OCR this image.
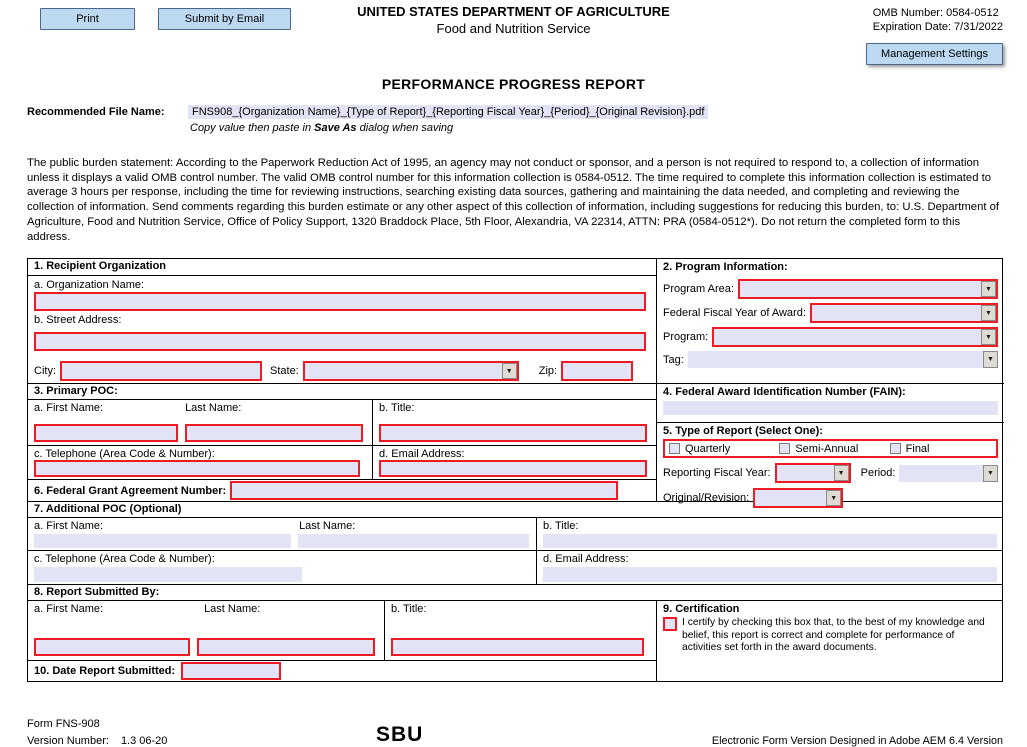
Print	Submit by Email	UNITED STATES DEPARTMENT OF AGRICULTURE
Food and Nutrition Service
OMB Number: 0584-0512
Expiration Date: 7/31/2022
PERFORMANCE PROGRESS REPORT
Management Settings
Recommended File Name:	FNS908_{Organization Name}_{Type of Report}_{Reporting Fiscal Year}_{Period}_{Original Revision}.pdf
Copy value then paste in Save As dialog when saving
The public burden statement: According to the Paperwork Reduction Act of 1995, an agency may not conduct or sponsor, and a person is not required to respond to, a collection of information unless it displays a valid OMB control number. The valid OMB control number for this information collection is 0584-0512. The time required to complete this information collection is estimated to average 3 hours per response, including the time for reviewing instructions, searching existing data sources, gathering and maintaining the data needed, and completing and reviewing the collection of information. Send comments regarding this burden estimate or any other aspect of this collection of information, including suggestions for reducing this burden, to: U.S. Department of Agriculture, Food and Nutrition Service, Office of Policy Support, 1320 Braddock Place, 5th Floor, Alexandria, VA 22314, ATTN: PRA (0584-0512*). Do not return the completed form to this address.
1. Recipient Organization
a. Organization Name:
b. Street Address:
City:	State:	▼	Zip:
3. Primary POC:
a. First Name:	Last Name:
	b. Title:
c. Telephone (Area Code & Number):	d. Email Address:
6. Federal Grant Agreement Number:
2. Program Information:
Program Area:	▼
Federal Fiscal Year of Award:	▼
Program:	▼
Tag:	▼
4. Federal Award Identification Number (FAIN):
5. Type of Report (Select One):
Quarterly	Semi-Annual	Final
Reporting Fiscal Year:	▼	Period:	▼
Original/Revision:	▼
7. Additional POC (Optional)
a. First Name:	Last Name:
	b. Title:
c. Telephone (Area Code & Number):	d. Email Address:
8. Report Submitted By:
a. First Name:	Last Name:
	b. Title:	9. Certification
I certify by checking this box that, to the best of my knowledge and belief, this report is correct and complete for performance of activities set forth in the award documents.
10. Date Report Submitted:
Form FNS-908
Version Number: 1.3 06-20	SBU	Electronic Form Version Designed in Adobe AEM 6.4 Version
